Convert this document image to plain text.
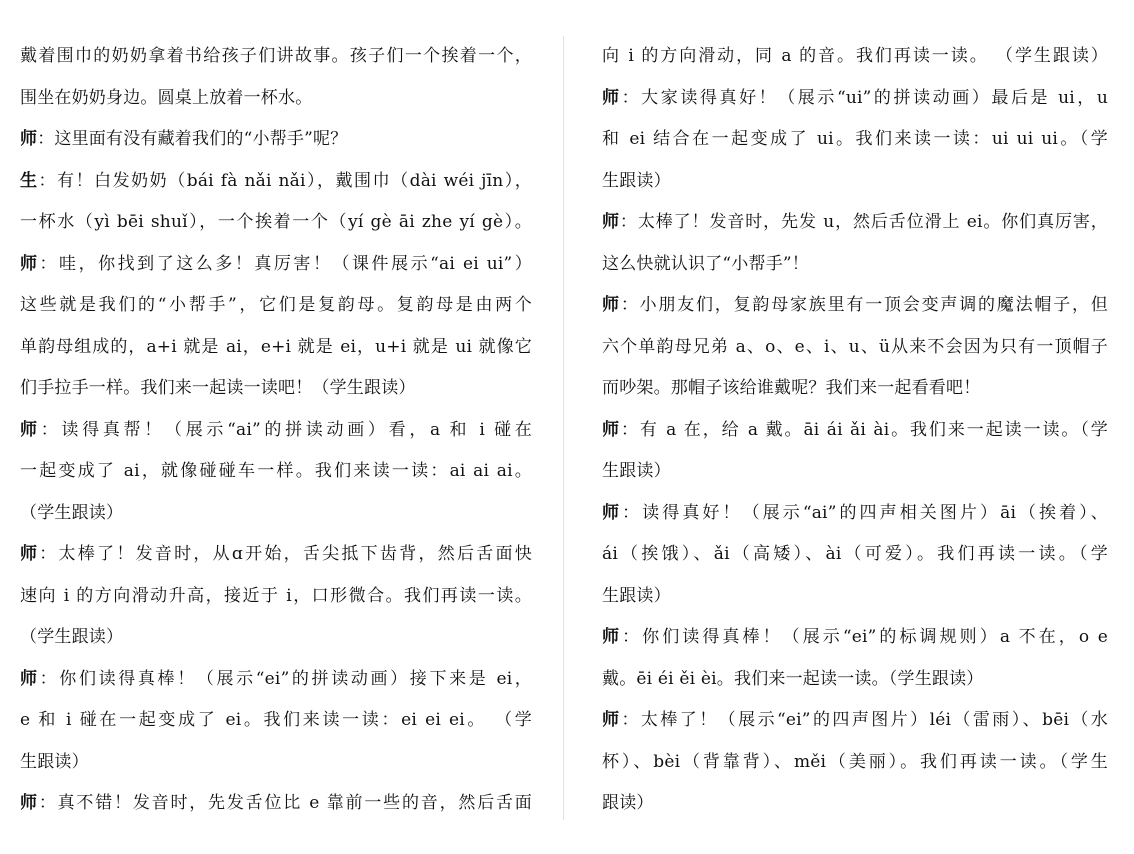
戴着围巾的奶奶拿着书给孩子们讲故事。孩子们一个挨着一个，
围坐在奶奶身边。圆桌上放着一杯水。
师：这里面有没有藏着我们的“小帮手”呢？
生：有！白发奶奶（bái fà nǎi nǎi），戴围巾（dài wéi jīn），
一杯水（yì bēi shuǐ），一个挨着一个（yí gè āi zhe yí gè）。
师：哇，你找到了这么多！真厉害！（课件展示“ai ei ui”）
这些就是我们的“小帮手”，它们是复韵母。复韵母是由两个
单韵母组成的，a+i 就是 ai，e+i 就是 ei，u+i 就是 ui 就像它
们手拉手一样。我们来一起读一读吧！（学生跟读）
师：读得真帮！（展示“ai”的拼读动画）看，a 和 i 碰在
一起变成了 ai，就像碰碰车一样。我们来读一读：ai ai ai。
（学生跟读）
师：太棒了！发音时，从ɑ开始，舌尖抵下齿背，然后舌面快
速向 i 的方向滑动升高，接近于 i，口形微合。我们再读一读。
（学生跟读）
师：你们读得真棒！（展示“ei”的拼读动画）接下来是 ei，
e 和 i 碰在一起变成了 ei。我们来读一读：ei ei ei。 （学
生跟读）
师：真不错！发音时，先发舌位比 e 靠前一些的音，然后舌面
向 i 的方向滑动，同 a 的音。我们再读一读。 （学生跟读）
师：大家读得真好！（展示“ui”的拼读动画）最后是 ui，u
和 ei 结合在一起变成了 ui。我们来读一读：ui ui ui。（学
生跟读）
师：太棒了！发音时，先发 u，然后舌位滑上 ei。你们真厉害，
这么快就认识了“小帮手”！
师：小朋友们，复韵母家族里有一顶会变声调的魔法帽子，但
六个单韵母兄弟 a、o、e、i、u、ü从来不会因为只有一顶帽子
而吵架。那帽子该给谁戴呢？我们来一起看看吧！
师：有 a 在，给 a 戴。āi ái ǎi ài。我们来一起读一读。（学
生跟读）
师：读得真好！（展示“ai”的四声相关图片）āi（挨着）、
ái（挨饿）、ǎi（高矮）、ài（可爱）。我们再读一读。（学
生跟读）
师：你们读得真棒！（展示“ei”的标调规则）a 不在，o e
戴。ēi éi ěi èi。我们来一起读一读。（学生跟读）
师：太棒了！（展示“ei”的四声图片）léi（雷雨）、bēi（水
杯）、bèi（背靠背）、měi（美丽）。我们再读一读。（学生
跟读）
